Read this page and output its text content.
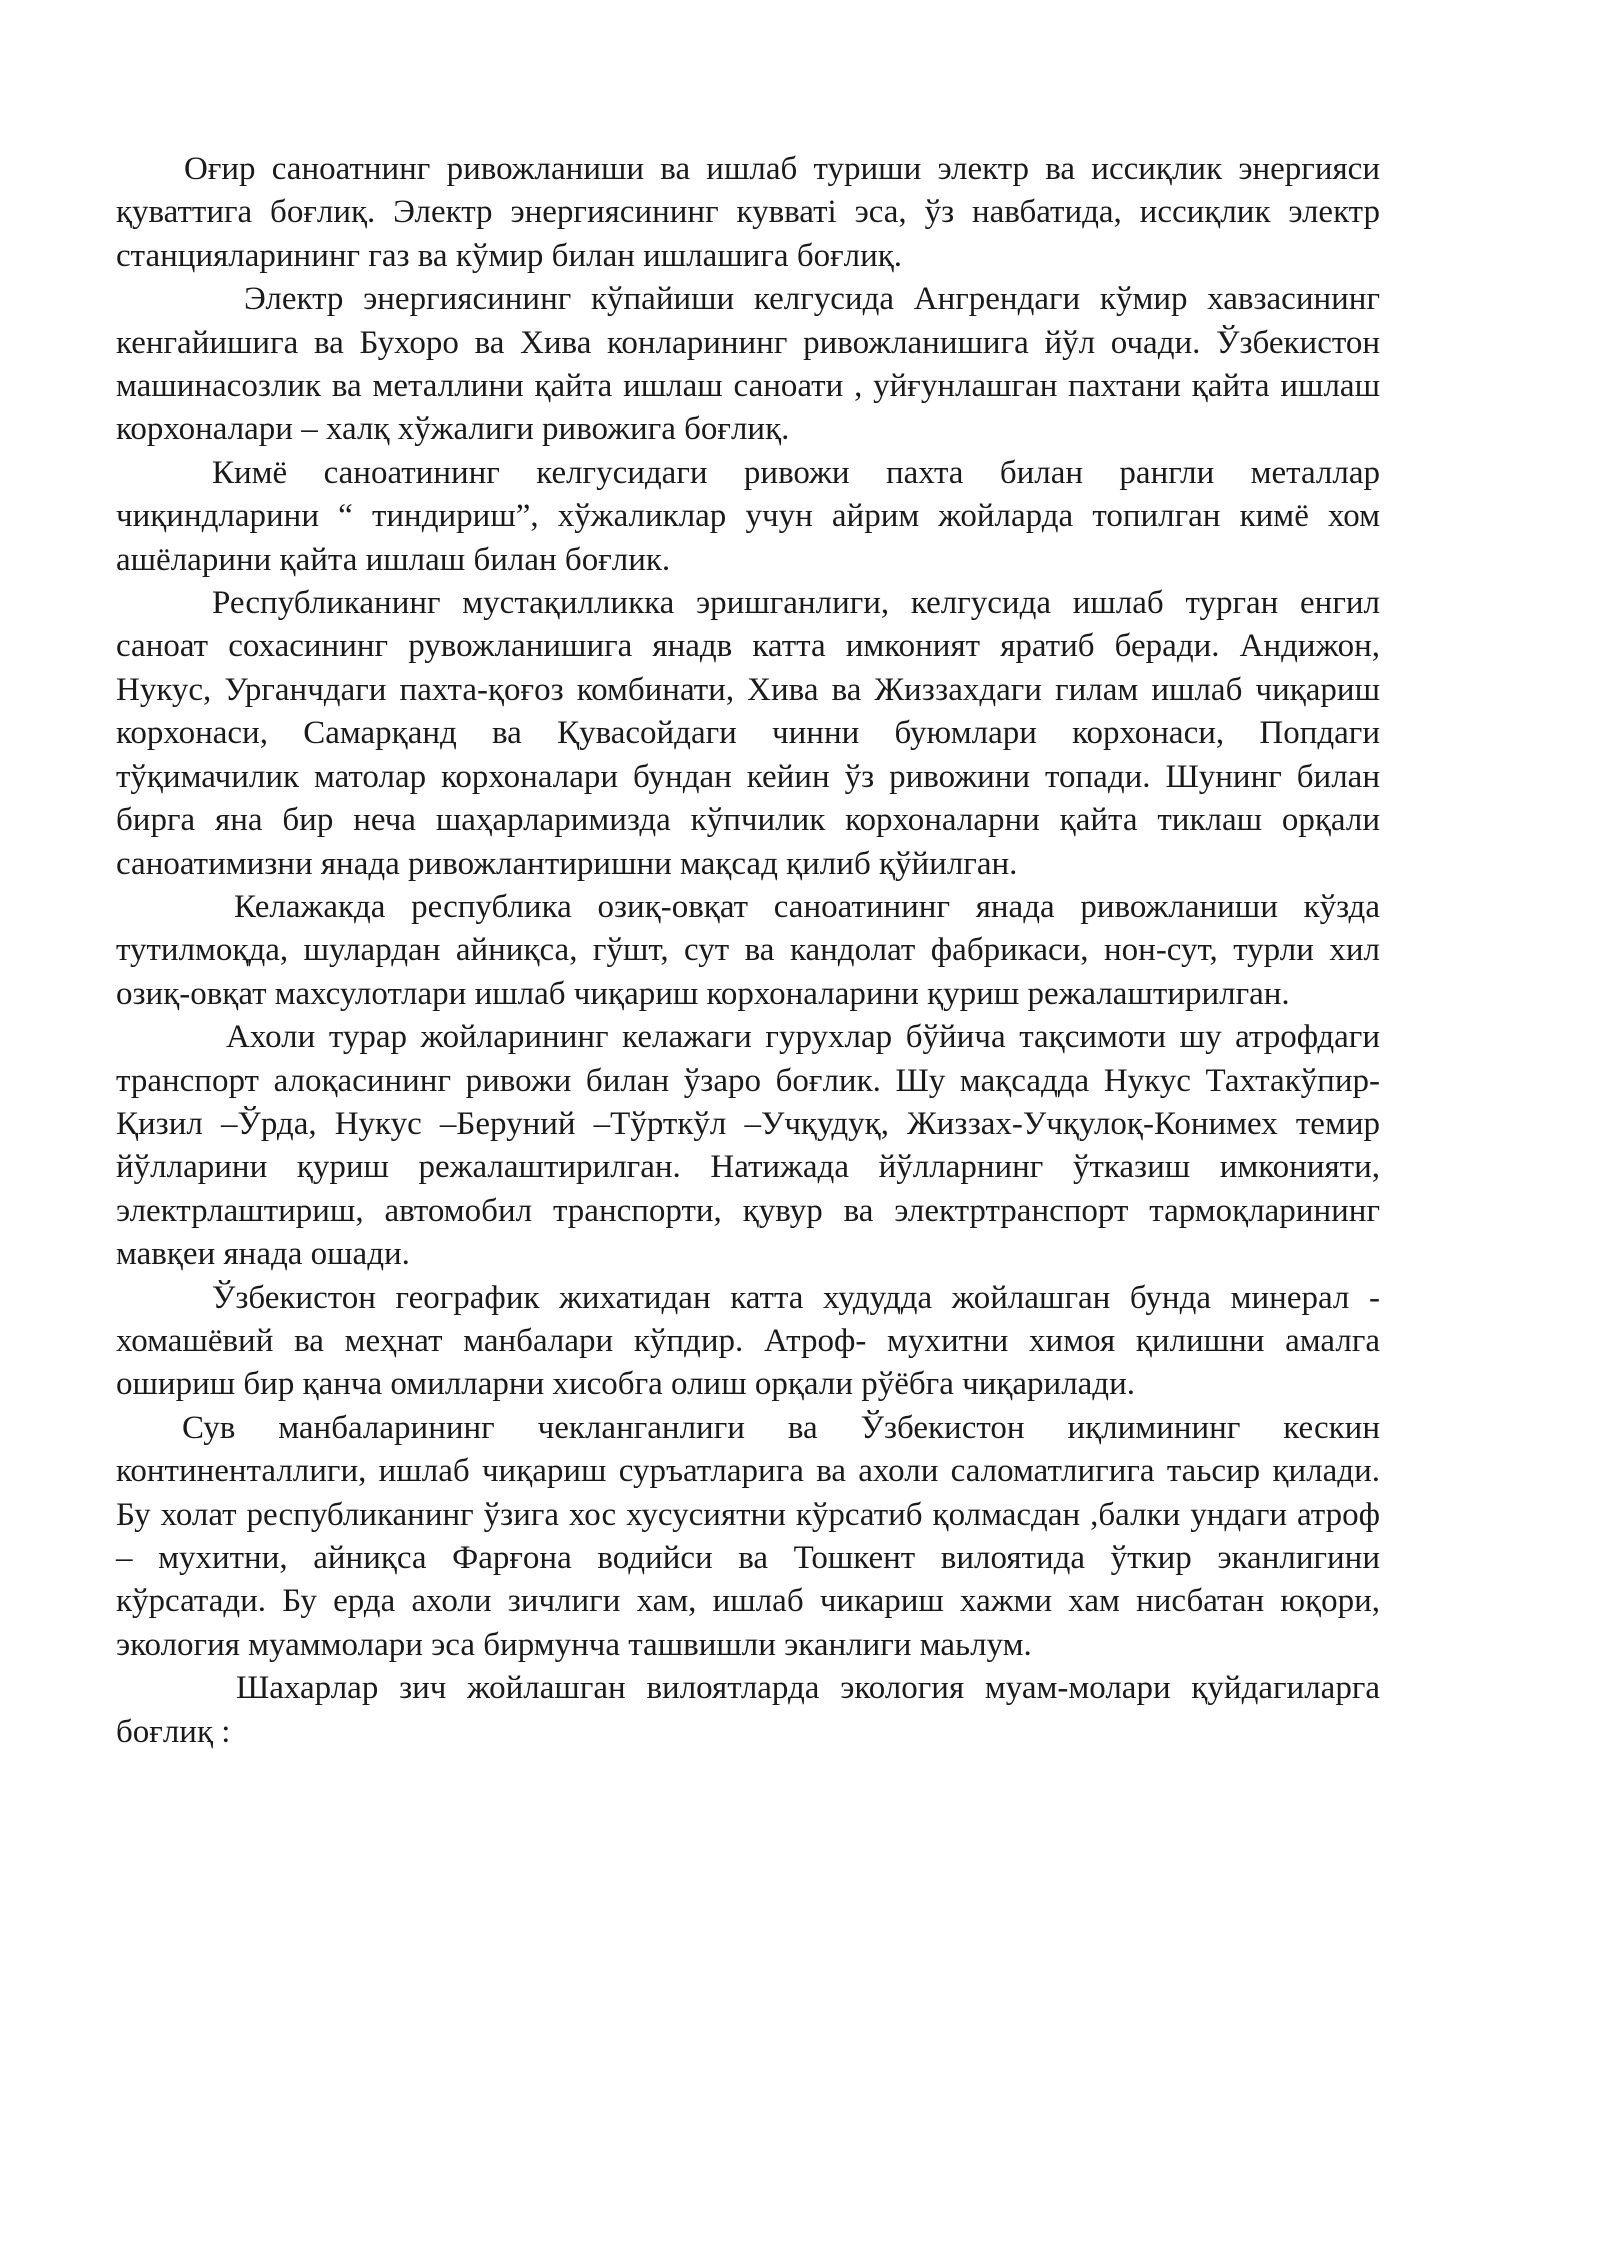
Оғир саноатнинг ривожланиши ва ишлаб туриши электр ва иссиқлик энергияси қуваттига боғлиқ. Электр энергиясининг кувватi эса, ўз навбатида, иссиқлик электр станцияларининг газ ва кўмир билан ишлашига боғлиқ.

Электр энергиясининг кўпайиши келгусида Ангрендаги кўмир хавзасининг кенгайишига ва Бухоро ва Хива конларининг ривожланишига йўл очади. Ўзбекистон машинасозлик ва металлини қайта ишлаш саноати , уйғунлашган пахтани қайта ишлаш корхоналари – халқ хўжалиги ривожига боғлиқ.

Кимё саноатининг келгусидаги ривожи пахта билан рангли металлар чиқиндларини “ тиндириш”, хўжаликлар учун айрим жойларда топилган кимё хом ашёларини қайта ишлаш билан боғлик.

Республиканинг мустақилликка эришганлиги, келгусида ишлаб турган енгил саноат сохасининг рувожланишига янадв катта имконият яратиб беради. Андижон, Нукус, Урганчдаги пахта-қоғоз комбинати, Хива ва Жиззахдаги гилам ишлаб чиқариш корхонаси, Самарқанд ва Қувасойдаги чинни буюмлари корхонаси, Попдаги тўқимачилик матолар корхоналари бундан кейин ўз ривожини топади. Шунинг билан бирга яна бир неча шаҳарларимизда кўпчилик корхоналарни қайта тиклаш орқали саноатимизни янада ривожлантиришни мақсад қилиб қўйилган.

Келажакда республика озиқ-овқат саноатининг янада ривожланиши кўзда тутилмоқда, шулардан айниқса, гўшт, сут ва кандолат фабрикаси, нон-сут, турли хил озиқ-овқат махсулотлари ишлаб чиқариш корхоналарини қуриш режалаштирилган.

Ахоли турар жойларининг келажаги гурухлар бўйича тақсимоти шу атрофдаги транспорт алоқасининг ривожи билан ўзаро боғлик. Шу мақсадда Нукус Тахтакўпир-Қизил –Ўрда, Нукус –Беруний –Тўрткўл –Учқудуқ, Жиззах-Учқулоқ-Конимех темир йўлларини қуриш режалаштирилган. Натижада йўлларнинг ўтказиш имконияти, электрлаштириш, автомобил транспорти, қувур ва электртранспорт тармоқларининг мавқеи янада ошади.

Ўзбекистон географик жихатидан катта худудда жойлашган бунда минерал - хомашёвий ва меҳнат манбалари кўпдир. Атроф- мухитни химоя қилишни амалга ошириш бир қанча омилларни хисобга олиш орқали рўёбга чиқарилади.

Сув манбаларининг чекланганлиги ва Ўзбекистон иқлимининг кескин континенталлиги, ишлаб чиқариш суръатларига ва ахоли саломатлигига таьсир қилади. Бу холат республиканинг ўзига хос хусусиятни кўрсатиб қолмасдан ,балки ундаги атроф – мухитни, айниқса Фарғона водийси ва Тошкент вилоятида ўткир эканлигини кўрсатади. Бу ерда ахоли зичлиги хам, ишлаб чикариш хажми хам нисбатан юқори, экология муаммолари эса бирмунча ташвишли эканлиги маьлум.

Шахарлар зич жойлашган вилоятларда экология муам-молари қуйдагиларга боғлиқ :
